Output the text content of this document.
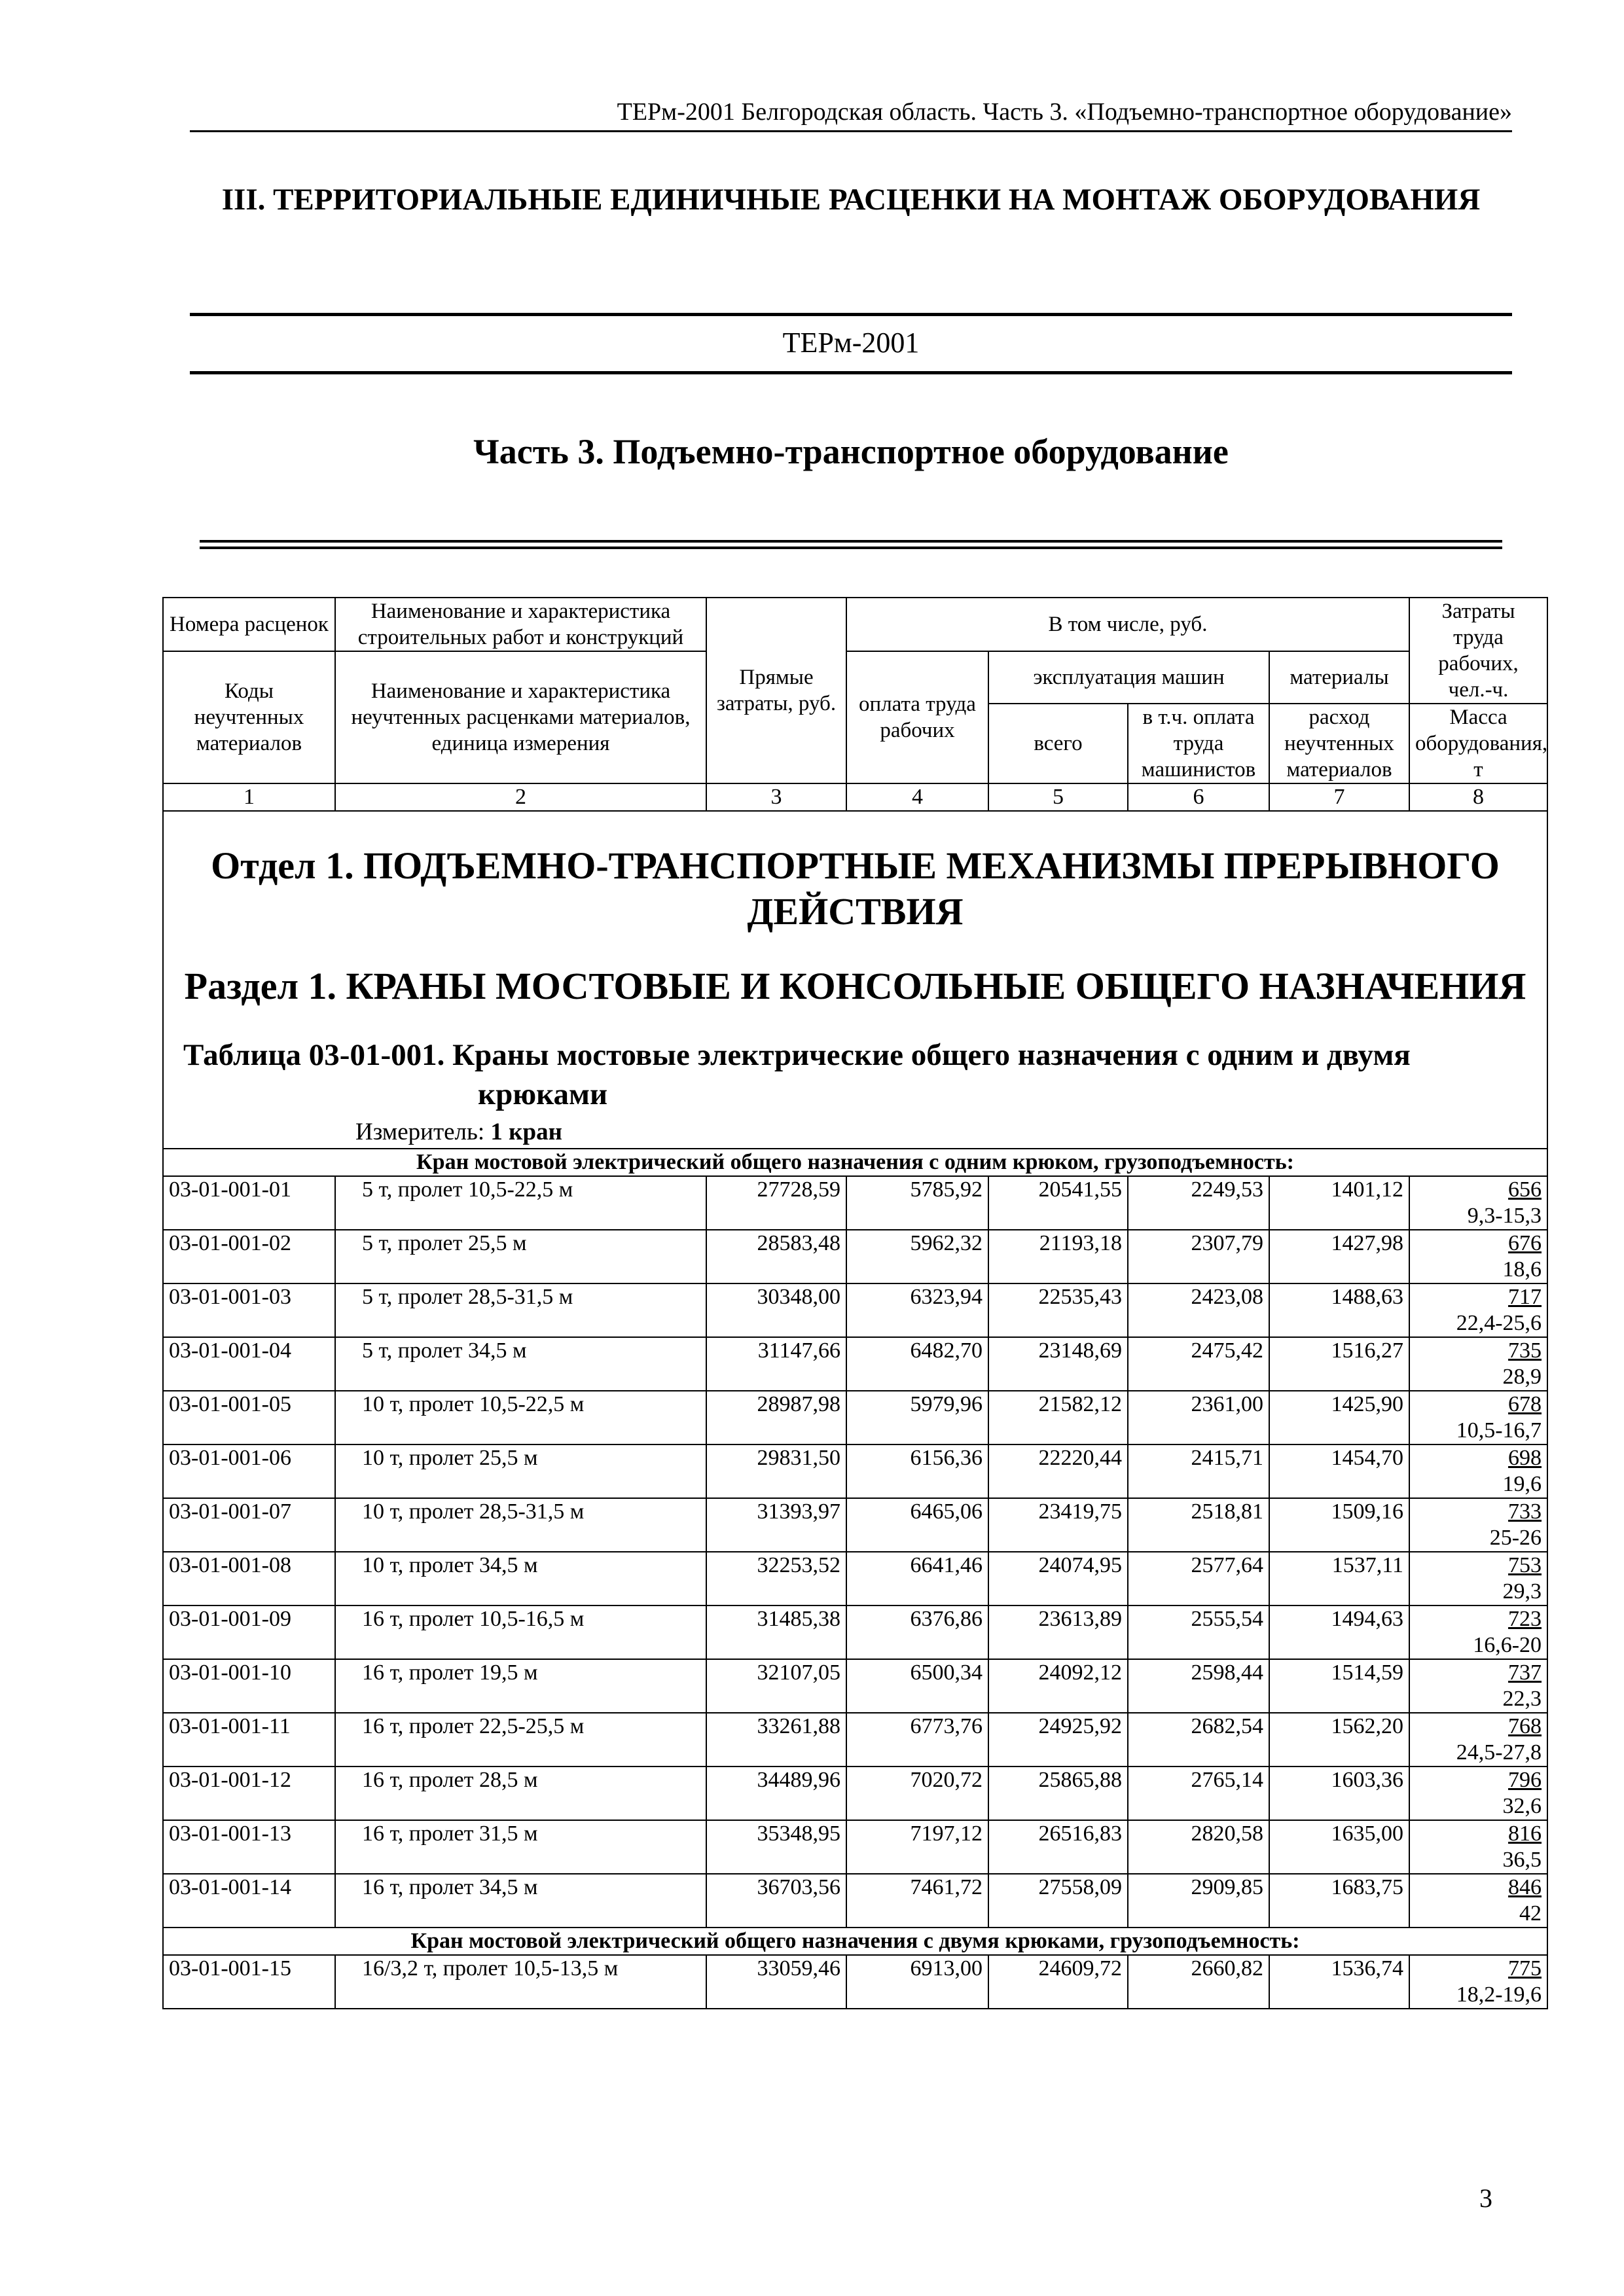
ТЕРм-2001 Белгородская область. Часть 3. «Подъемно-транспортное оборудование»
III. ТЕРРИТОРИАЛЬНЫЕ ЕДИНИЧНЫЕ РАСЦЕНКИ НА МОНТАЖ ОБОРУДОВАНИЯ
ТЕРм-2001
Часть 3. Подъемно-транспортное оборудование
Номера расценок	Наименование и характеристика строительных работ и конструкций	Прямые затраты, руб.	В том числе, руб.				Затраты труда рабочих, чел.-ч.
Коды неучтенных материалов	Наименование и характеристика неучтенных расценками материалов, единица измерения		оплата труда рабочих	эксплуатация машин		материалы	
				всего	в т.ч. оплата труда машинистов	расход неучтенных материалов	Масса оборудования, т
1	2	3	4	5	6	7	8

Отдел 1. ПОДЪЕМНО-ТРАНСПОРТНЫЕ МЕХАНИЗМЫ ПРЕРЫВНОГО ДЕЙСТВИЯ
Раздел 1. КРАНЫ МОСТОВЫЕ И КОНСОЛЬНЫЕ ОБЩЕГО НАЗНАЧЕНИЯ
Таблица 03-01-001. Краны мостовые электрические общего назначения с одним и двумя
крюками
Измеритель: 1 кран							

Кран мостовой электрический общего назначения с одним крюком, грузоподъемность:							
03-01-001-01	5 т, пролет 10,5-22,5 м	27728,59	5785,92	20541,55	2249,53	1401,12	656
9,3-15,3

03-01-001-02	5 т, пролет 25,5 м	28583,48	5962,32	21193,18	2307,79	1427,98	676
18,6

03-01-001-03	5 т, пролет 28,5-31,5 м	30348,00	6323,94	22535,43	2423,08	1488,63	717
22,4-25,6

03-01-001-04	5 т, пролет 34,5 м	31147,66	6482,70	23148,69	2475,42	1516,27	735
28,9

03-01-001-05	10 т, пролет 10,5-22,5 м	28987,98	5979,96	21582,12	2361,00	1425,90	678
10,5-16,7

03-01-001-06	10 т, пролет 25,5 м	29831,50	6156,36	22220,44	2415,71	1454,70	698
19,6

03-01-001-07	10 т, пролет 28,5-31,5 м	31393,97	6465,06	23419,75	2518,81	1509,16	733
25-26

03-01-001-08	10 т, пролет 34,5 м	32253,52	6641,46	24074,95	2577,64	1537,11	753
29,3

03-01-001-09	16 т, пролет 10,5-16,5 м	31485,38	6376,86	23613,89	2555,54	1494,63	723
16,6-20

03-01-001-10	16 т, пролет 19,5 м	32107,05	6500,34	24092,12	2598,44	1514,59	737
22,3

03-01-001-11	16 т, пролет 22,5-25,5 м	33261,88	6773,76	24925,92	2682,54	1562,20	768
24,5-27,8

03-01-001-12	16 т, пролет 28,5 м	34489,96	7020,72	25865,88	2765,14	1603,36	796
32,6

03-01-001-13	16 т, пролет 31,5 м	35348,95	7197,12	26516,83	2820,58	1635,00	816
36,5

03-01-001-14	16 т, пролет 34,5 м	36703,56	7461,72	27558,09	2909,85	1683,75	846
42

Кран мостовой электрический общего назначения с двумя крюками, грузоподъемность:							
03-01-001-15	16/3,2 т, пролет 10,5-13,5 м	33059,46	6913,00	24609,72	2660,82	1536,74	775
18,2-19,6
3
